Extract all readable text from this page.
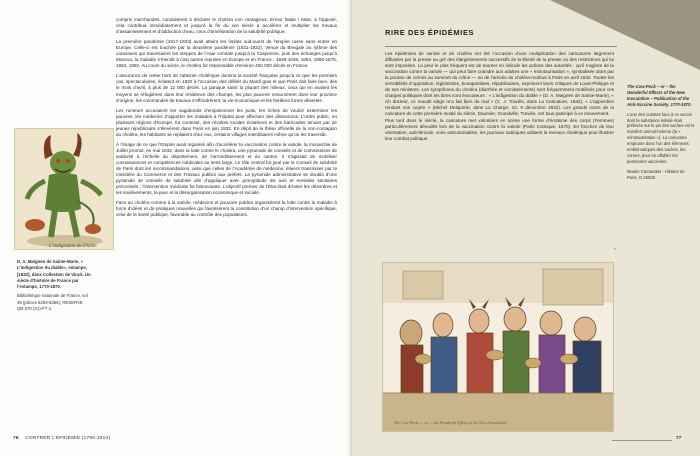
L’indigestion du Diable

D. A. Maignen de Sainte-Marie, « L’indigestion du diable», estampe, [1832], dans Collection de Vinck. Un siècle d’histoire de France par l’estampe, 1770-1870.

Bibliothèque nationale de France, vol 46 (pièces 6283-6356), RESERVE QB-370 (41)-FT 4.

compris marchandes, conduisirent à déclarer le choléra non contagieux. Erreur fatale ! Mais, à l’opposé, cela contribua immédiatement et jusqu’à la fin du xxe siècle à accélérer et multiplier les travaux d’assainissement et d’adduction d’eau, ceux d’amélioration de la salubrité publique.

La première pandémie (1817-1823) avait atteint les limites sud-ouest de l’empire russe sans entrer en Europe. Celle-ci est touchée par la deuxième pandémie (1831-1832). Venue du Bengale au rythme des caravanes qui traversaient les steppes de l’Asie centrale jusqu’à la Caspienne, puis des échanges jusqu’à Moscou, la maladie s’étendit à cinq autres reprises en Europe et en France : 1848-1849, 1854, 1866-1875, 1884, 1892. Au cours du siècle, le choléra fut responsable d’environ 450 000 décès en France.

L’assurance de rester hors de l’atteinte cholérique domina la société française jusqu’à ce que les premiers cas, spectaculaires, éclatent en 1832 à l’occasion des défilés du Mardi gras et que Paris doit faire face, dès le mois d’avril, à plus de 12 000 décès. La panique saisit la plupart des milieux, ceux qui en avaient les moyens se réfugièrent dans leur résidence des champs, les plus pauvres retournèrent dans leur province d’origine, les commandes de travaux s’effondrèrent, la vie économique et les théâtres furent désertés.

Les rumeurs accusaient les vagabonds d’empoisonner les puits, les riches de vouloir exterminer les pauvres, les médecins d’apporter les malades à l’hôpital pour effectuer des dissections. L’ordre public, en plusieurs régions d’Europe, fut contesté, des révoltes locales éclatèrent et des barricades tenues par de jeunes républicains s’élevèrent dans Paris en juin 1832. En dépit de la thèse officielle de la non-contagion du choléra, les habitants se repliaient chez eux, certains villages interdisaient même qu’on les traversât.

À l’image de ce que l’Empire avait organisé afin d’accélérer la vaccination contre la variole, la monarchie de Juillet promut, en mai 1832, dans la lutte contre le choléra, une pyramide de conseils et de commissions de salubrité à l’échelle du département, de l’arrondissement et du canton. Il s’agissait de mobiliser connaissances et compétences médicales au sens large. Le rôle central fut joué par le Conseil de salubrité de Paris dont les recommandations, ainsi que celles de l’Académie de médecine, étaient transmises par le ministère du Commerce et des Travaux publics aux préfets. La pyramide administrative se doubla d’une pyramide de conseils de salubrité afin d’appliquer avec promptitude les avis et remèdes sanitaires préconisés ; l’intervention médicale fut foisonnante. L’objectif premier de l’État était d’éviter les désordres et les soulèvements, la peur et la désorganisation économique et sociale.

Face au choléra comme à la variole, médecins et pouvoirs publics organisèrent la lutte contre la maladie à force d’idées et de pratiques nouvelles qui favorisèrent la constitution d’un champ d’intervention spécifique, celui de la santé publique, favorable au contrôle des populations.

76 CONTRER L’ÉPIDÉMIE (1750-1914)
RIRE DES ÉPIDÉMIES

Les épidémies de variole et de choléra ont été l’occasion d’une multiplication des caricatures largement diffusées par la presse au gré des élargissements successifs de la liberté de la presse ou des restrictions qui lui sont imposées. La peur le plus fréquent est de tourner en ridicule les actions des autorités : qu’il s’agisse de la vaccination contre la variole — qui peut faire craindre aux adultes une « minotaurisation », symbolisée alors par la pousse de cornes au sommet du crâne — ou de l’arrivée du choléra-morbus à Paris en avril 1832. Toutes les sensibilités d’opposition, légitimistes, bonapartistes, républicaines, expriment leurs critiques de Louis-Philippe et de ses ministres. Les symptômes du choléra (diarrhée et vomissements) sont fréquemment mobilisés pour ces charges politiques dont les titres sont évocateurs : « L’indigestion du diable » (D. A. Maignen de Sainte-Marie), « Ah docteur, ce maudit siège m’a fait bien du mal » (C. J. Traviès, dans La Caricature, 1832), « L’opposition rendant son ceptre » (Michel Delaporte, dans La Charge, 10, 9 décembre 1832). Les grands noms de la caricature de cette première moitié du siècle, Daumier, Grandville, Traviès, ont tous participé à ce mouvement.

Plus tard dans le siècle, la caricature met volontiers en scène une forme d’érotisme des corps (Femmes) particulièrement dénudés lors de la vaccination contre la variole (Paris Comique, 1870). En fonction de leur orientation, anticléricale, voire anticolonialiste, les journaux satiriques utilisent la menace cholérique pour illustrer leur combat politique.

”

The Cow-Pock – or – the Wonderful Effects of the New Inoculation – Publication of the Anti-Vaccine Society, 1770-1870.

L’une des craintes face à ce vaccin dont la substance initiale était prélevée sur le pis des vaches est le transfert animal-homme (la « minotaurisation »). La caricature emprunte donc l’un des éléments emblématiques des vaches, les cornes, pour en affubler les personnes vaccinées.

Musée Carnavalet - Histoire de Paris, G.26838.

The Cow-Pock, — or, — the Wonderful Effects of the New Inoculation!
77
